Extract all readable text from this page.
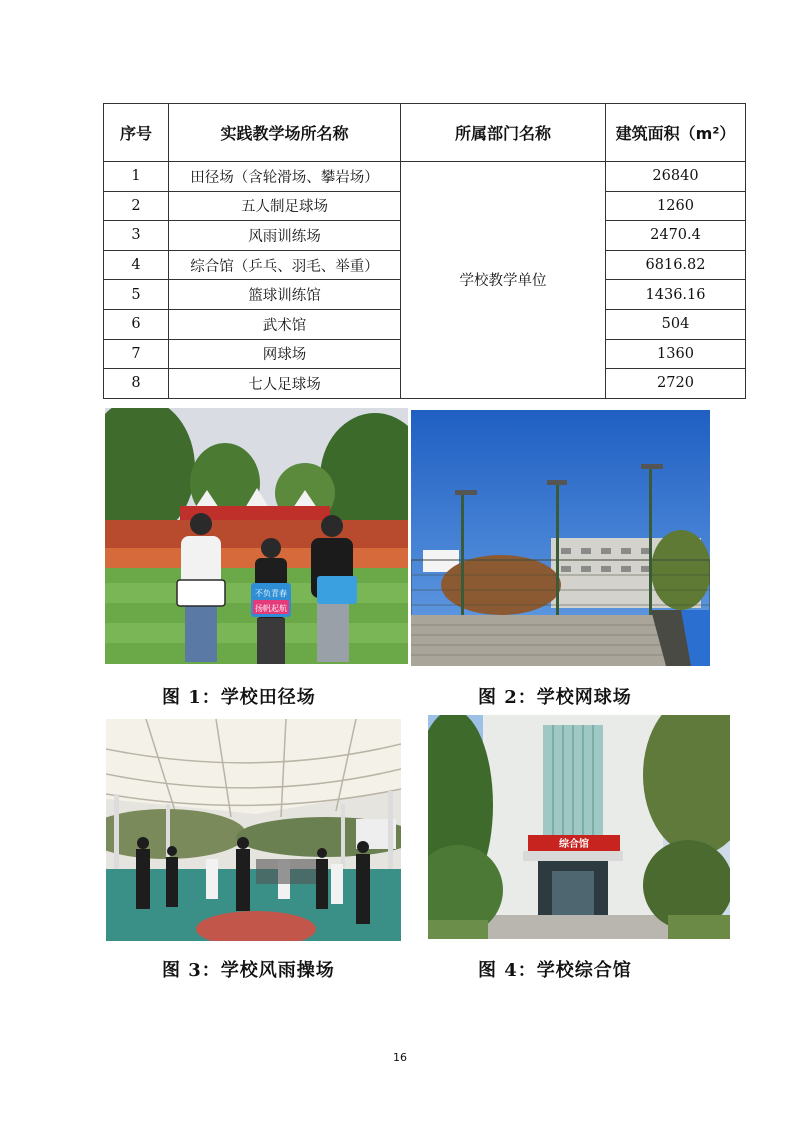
序号	实践教学场所名称	所属部门名称	建筑面积（m²）
1	田径场（含轮滑场、攀岩场）	学校教学单位	26840
2	五人制足球场		1260
3	风雨训练场		2470.4
4	综合馆（乒乓、羽毛、举重）		6816.82
5	篮球训练馆		1436.16
6	武术馆		504
7	网球场		1360
8	七人足球场		2720
不负青春
扬帆起航
图 1：学校田径场	图 2：学校网球场
综合馆
图 3：学校风雨操场	图 4：学校综合馆
16
